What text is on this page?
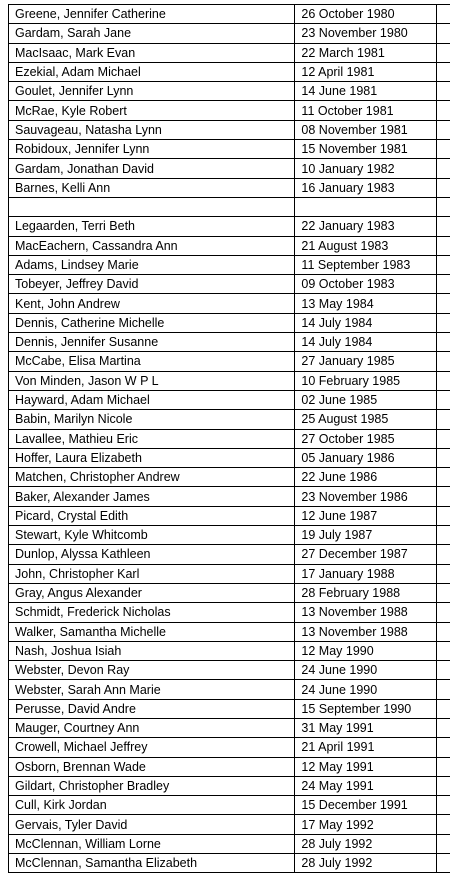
Greene, Jennifer Catherine	26 October 1980	
Gardam, Sarah Jane	23 November 1980	
MacIsaac, Mark Evan	22 March 1981	
Ezekial, Adam Michael	12 April 1981	
Goulet, Jennifer Lynn	14 June 1981	
McRae, Kyle Robert	11 October 1981	
Sauvageau, Natasha Lynn	08 November 1981	
Robidoux, Jennifer Lynn	15 November 1981	
Gardam, Jonathan David	10 January 1982	
Barnes, Kelli Ann	16 January 1983	

Legaarden, Terri Beth	22 January 1983	
MacEachern, Cassandra Ann	21 August 1983	
Adams, Lindsey Marie	11 September 1983	
Tobeyer, Jeffrey David	09 October 1983	
Kent, John Andrew	13 May 1984	
Dennis, Catherine Michelle	14 July 1984	
Dennis, Jennifer Susanne	14 July 1984	
McCabe, Elisa Martina	27 January 1985	
Von Minden, Jason W P L	10 February 1985	
Hayward, Adam Michael	02 June 1985	
Babin, Marilyn Nicole	25 August 1985	
Lavallee, Mathieu Eric	27 October 1985	
Hoffer, Laura Elizabeth	05 January 1986	
Matchen, Christopher Andrew	22 June 1986	
Baker, Alexander James	23 November 1986	
Picard, Crystal Edith	12 June 1987	
Stewart, Kyle Whitcomb	19 July 1987	
Dunlop, Alyssa Kathleen	27 December 1987	
John, Christopher Karl	17 January 1988	
Gray, Angus Alexander	28 February 1988	
Schmidt, Frederick Nicholas	13 November 1988	
Walker, Samantha Michelle	13 November 1988	
Nash, Joshua Isiah	12 May 1990	
Webster, Devon Ray	24 June 1990	
Webster, Sarah Ann Marie	24 June 1990	
Perusse, David Andre	15 September 1990	
Mauger, Courtney Ann	31 May 1991	
Crowell, Michael Jeffrey	21 April 1991	
Osborn, Brennan Wade	12 May 1991	
Gildart, Christopher Bradley	24 May 1991	
Cull, Kirk Jordan	15 December 1991	
Gervais, Tyler David	17 May 1992	
McClennan, William Lorne	28 July 1992	
McClennan, Samantha Elizabeth	28 July 1992	
